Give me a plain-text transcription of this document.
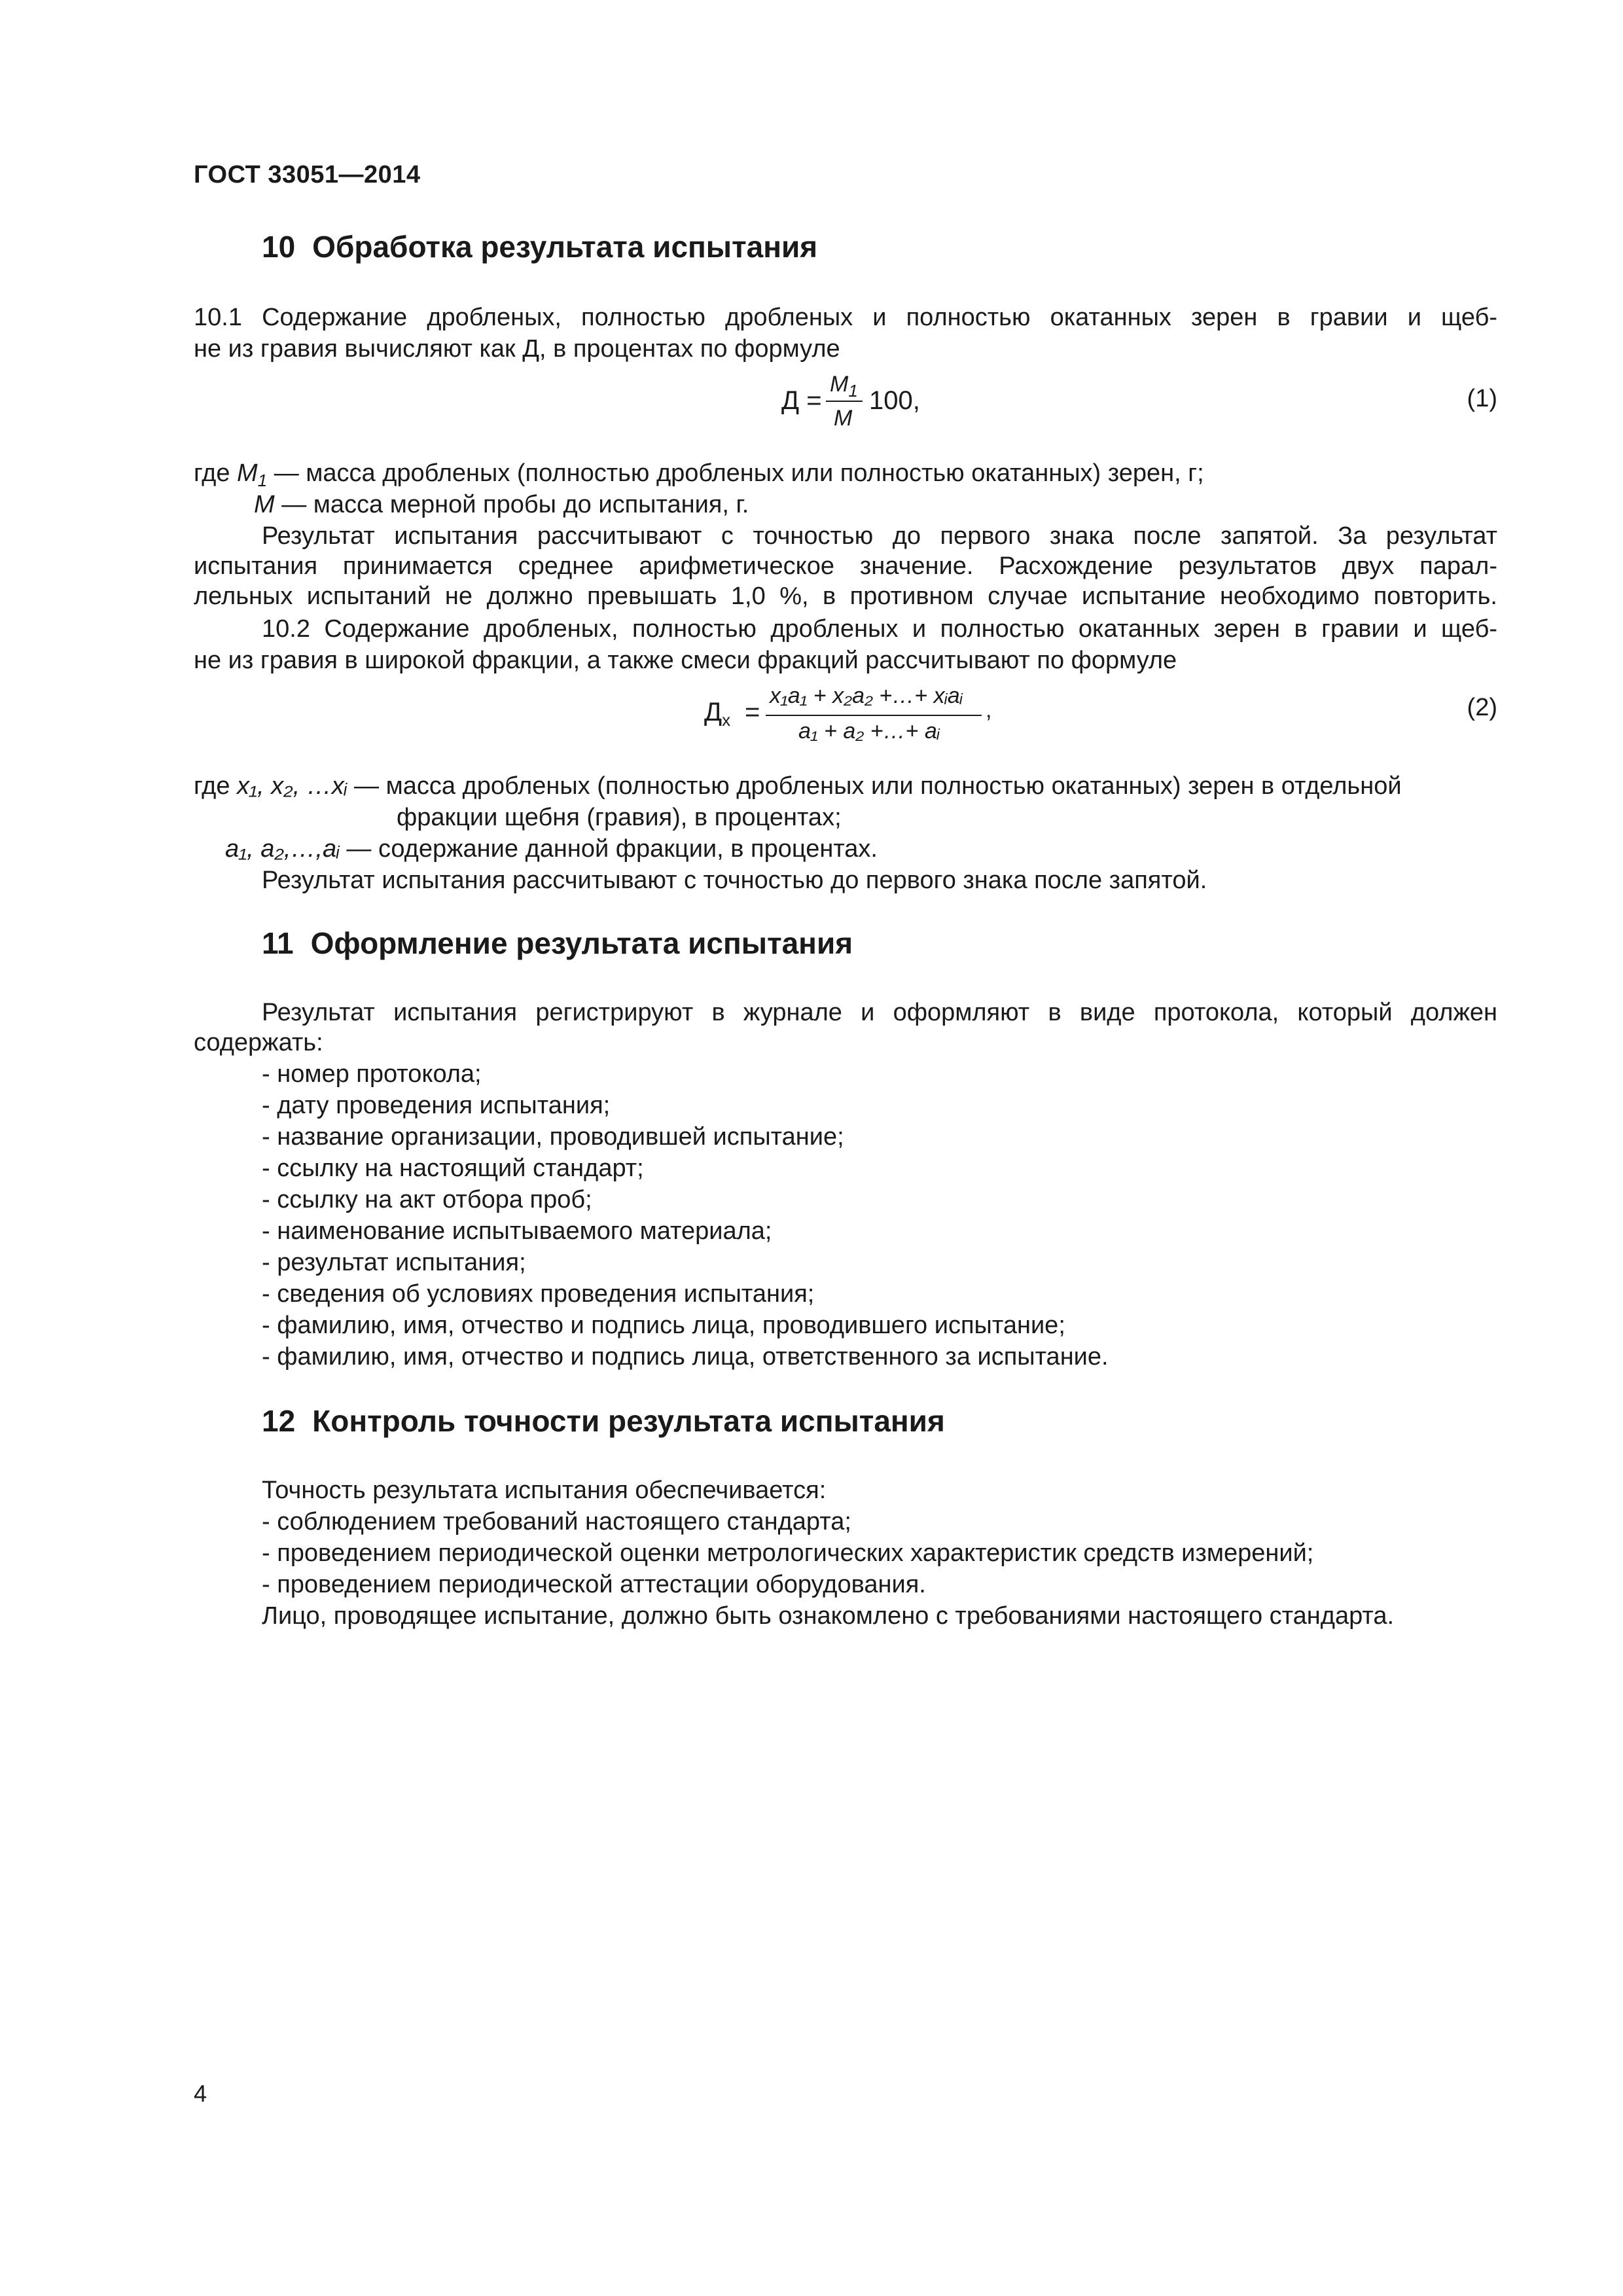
ГОСТ 33051—2014
10 Обработка результата испытания
10.1 Содержание дробленых, полностью дробленых и полностью окатанных зерен в гравии и щеб-
не из гравия вычисляют как Д, в процентах по формуле
Д =
$М_1$
М
100,	(1)
где $М_1$ — масса дробленых (полностью дробленых или полностью окатанных) зерен, г;
М — масса мерной пробы до испытания, г.
Результат испытания рассчитывают с точностью до первого знака после запятой. За результат
испытания принимается среднее арифметическое значение. Расхождение результатов двух парал-
лельных испытаний не должно превышать 1,0 %, в противном случае испытание необходимо повторить.
10.2 Содержание дробленых, полностью дробленых и полностью окатанных зерен в гравии и щеб-
не из гравия в широкой фракции, а также смеси фракций рассчитывают по формуле
$Д_х$ =
x₁a₁ + x₂a₂ +…+ xᵢaᵢ
a₁ + a₂ +…+ aᵢ
,	(2)
где x₁, x₂, …xᵢ — масса дробленых (полностью дробленых или полностью окатанных) зерен в отдельной
фракции щебня (гравия), в процентах;
a₁, a₂,…,aᵢ — содержание данной фракции, в процентах.
Результат испытания рассчитывают с точностью до первого знака после запятой.
11 Оформление результата испытания
Результат испытания регистрируют в журнале и оформляют в виде протокола, который должен
содержать:
- номер протокола;
- дату проведения испытания;
- название организации, проводившей испытание;
- ссылку на настоящий стандарт;
- ссылку на акт отбора проб;
- наименование испытываемого материала;
- результат испытания;
- сведения об условиях проведения испытания;
- фамилию, имя, отчество и подпись лица, проводившего испытание;
- фамилию, имя, отчество и подпись лица, ответственного за испытание.
12 Контроль точности результата испытания
Точность результата испытания обеспечивается:
- соблюдением требований настоящего стандарта;
- проведением периодической оценки метрологических характеристик средств измерений;
- проведением периодической аттестации оборудования.
Лицо, проводящее испытание, должно быть ознакомлено с требованиями настоящего стандарта.
4
